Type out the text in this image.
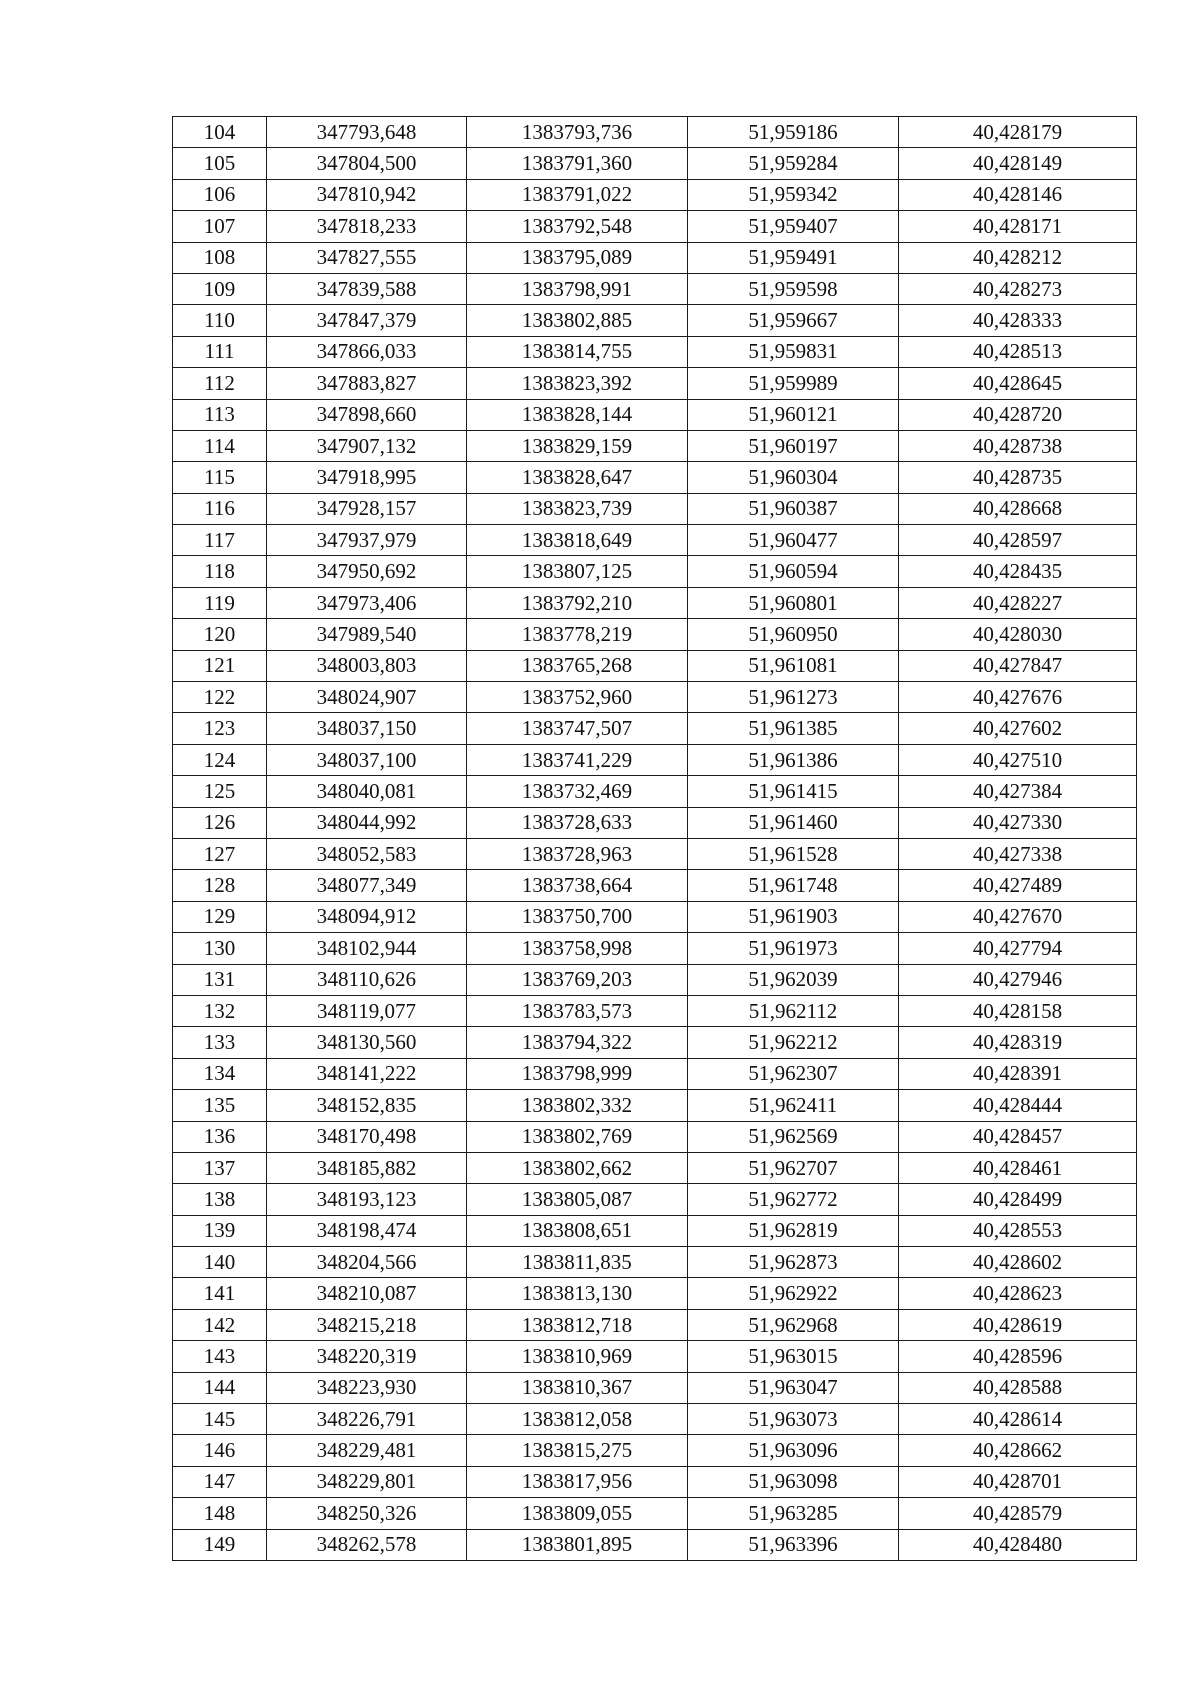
104	347793,648	1383793,736	51,959186	40,428179
105	347804,500	1383791,360	51,959284	40,428149
106	347810,942	1383791,022	51,959342	40,428146
107	347818,233	1383792,548	51,959407	40,428171
108	347827,555	1383795,089	51,959491	40,428212
109	347839,588	1383798,991	51,959598	40,428273
110	347847,379	1383802,885	51,959667	40,428333
111	347866,033	1383814,755	51,959831	40,428513
112	347883,827	1383823,392	51,959989	40,428645
113	347898,660	1383828,144	51,960121	40,428720
114	347907,132	1383829,159	51,960197	40,428738
115	347918,995	1383828,647	51,960304	40,428735
116	347928,157	1383823,739	51,960387	40,428668
117	347937,979	1383818,649	51,960477	40,428597
118	347950,692	1383807,125	51,960594	40,428435
119	347973,406	1383792,210	51,960801	40,428227
120	347989,540	1383778,219	51,960950	40,428030
121	348003,803	1383765,268	51,961081	40,427847
122	348024,907	1383752,960	51,961273	40,427676
123	348037,150	1383747,507	51,961385	40,427602
124	348037,100	1383741,229	51,961386	40,427510
125	348040,081	1383732,469	51,961415	40,427384
126	348044,992	1383728,633	51,961460	40,427330
127	348052,583	1383728,963	51,961528	40,427338
128	348077,349	1383738,664	51,961748	40,427489
129	348094,912	1383750,700	51,961903	40,427670
130	348102,944	1383758,998	51,961973	40,427794
131	348110,626	1383769,203	51,962039	40,427946
132	348119,077	1383783,573	51,962112	40,428158
133	348130,560	1383794,322	51,962212	40,428319
134	348141,222	1383798,999	51,962307	40,428391
135	348152,835	1383802,332	51,962411	40,428444
136	348170,498	1383802,769	51,962569	40,428457
137	348185,882	1383802,662	51,962707	40,428461
138	348193,123	1383805,087	51,962772	40,428499
139	348198,474	1383808,651	51,962819	40,428553
140	348204,566	1383811,835	51,962873	40,428602
141	348210,087	1383813,130	51,962922	40,428623
142	348215,218	1383812,718	51,962968	40,428619
143	348220,319	1383810,969	51,963015	40,428596
144	348223,930	1383810,367	51,963047	40,428588
145	348226,791	1383812,058	51,963073	40,428614
146	348229,481	1383815,275	51,963096	40,428662
147	348229,801	1383817,956	51,963098	40,428701
148	348250,326	1383809,055	51,963285	40,428579
149	348262,578	1383801,895	51,963396	40,428480
